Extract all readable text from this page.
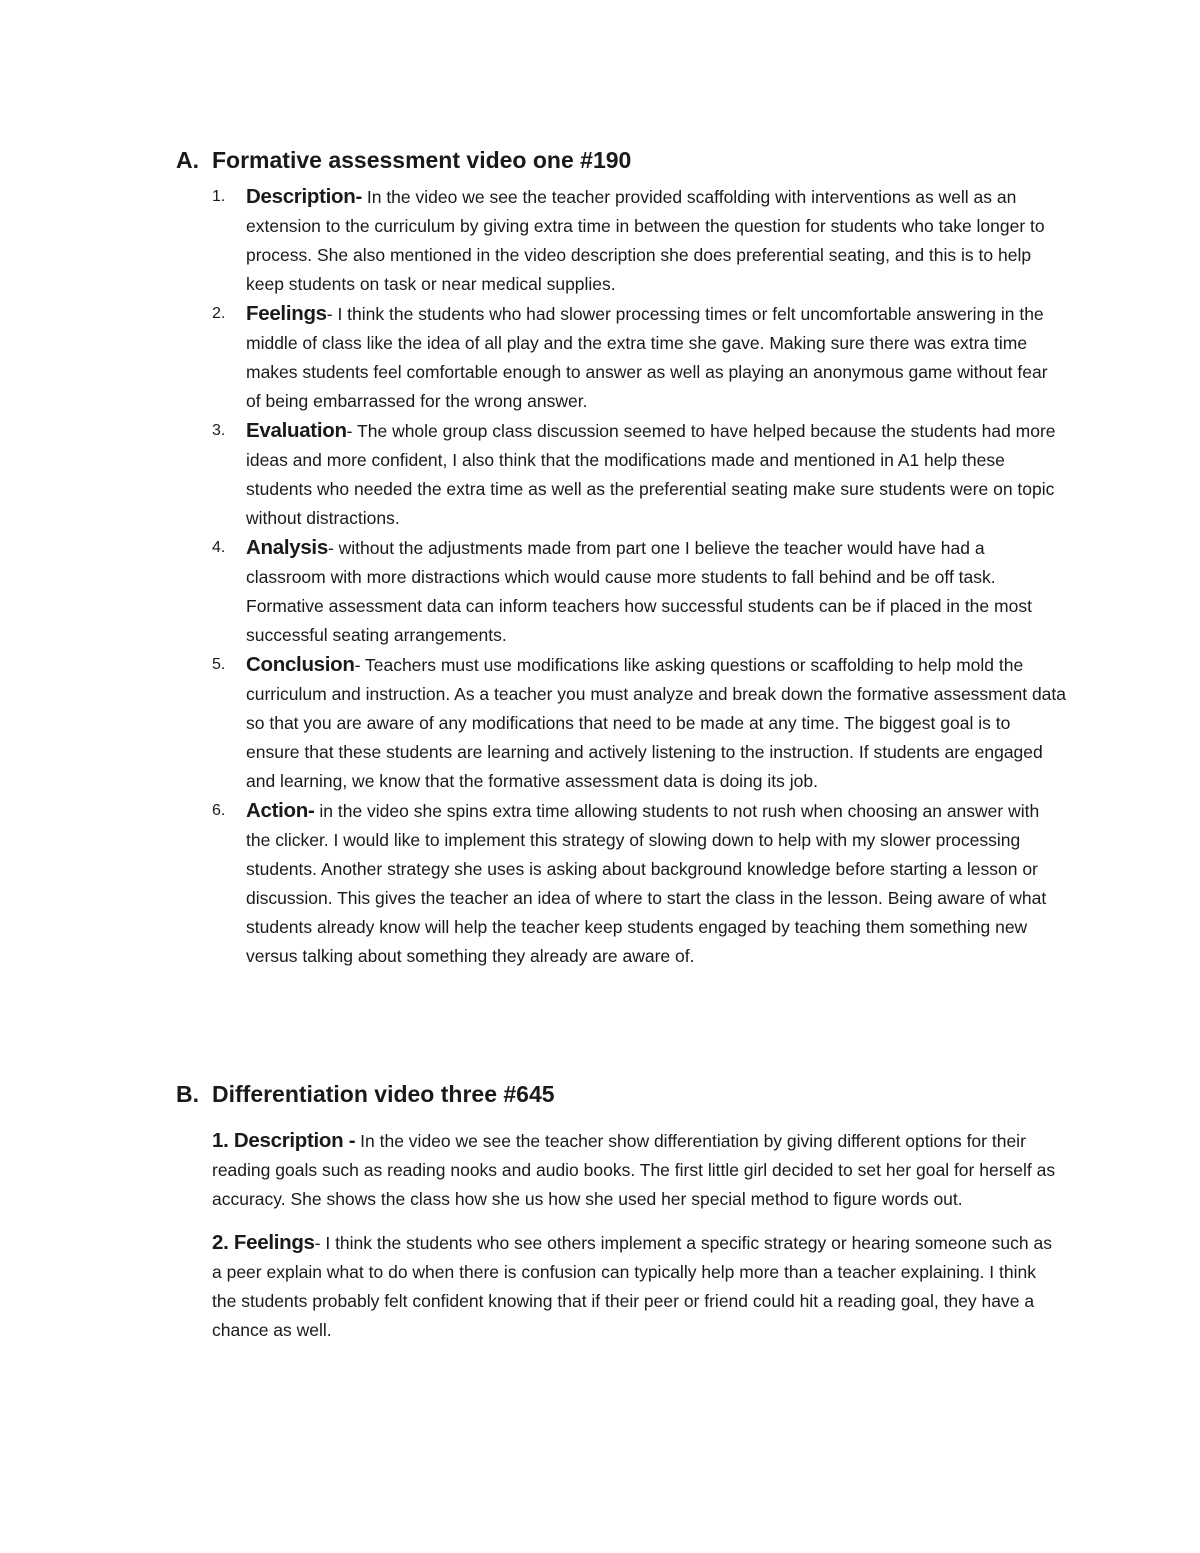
A. Formative assessment video one #190
1. Description- In the video we see the teacher provided scaffolding with interventions as well as an extension to the curriculum by giving extra time in between the question for students who take longer to process. She also mentioned in the video description she does preferential seating, and this is to help keep students on task or near medical supplies.
2. Feelings- I think the students who had slower processing times or felt uncomfortable answering in the middle of class like the idea of all play and the extra time she gave. Making sure there was extra time makes students feel comfortable enough to answer as well as playing an anonymous game without fear of being embarrassed for the wrong answer.
3. Evaluation- The whole group class discussion seemed to have helped because the students had more ideas and more confident, I also think that the modifications made and mentioned in A1 help these students who needed the extra time as well as the preferential seating make sure students were on topic without distractions.
4. Analysis- without the adjustments made from part one I believe the teacher would have had a classroom with more distractions which would cause more students to fall behind and be off task. Formative assessment data can inform teachers how successful students can be if placed in the most successful seating arrangements.
5. Conclusion- Teachers must use modifications like asking questions or scaffolding to help mold the curriculum and instruction. As a teacher you must analyze and break down the formative assessment data so that you are aware of any modifications that need to be made at any time. The biggest goal is to ensure that these students are learning and actively listening to the instruction. If students are engaged and learning, we know that the formative assessment data is doing its job.
6. Action- in the video she spins extra time allowing students to not rush when choosing an answer with the clicker. I would like to implement this strategy of slowing down to help with my slower processing students. Another strategy she uses is asking about background knowledge before starting a lesson or discussion. This gives the teacher an idea of where to start the class in the lesson. Being aware of what students already know will help the teacher keep students engaged by teaching them something new versus talking about something they already are aware of.
B. Differentiation video three #645

1. Description - In the video we see the teacher show differentiation by giving different options for their reading goals such as reading nooks and audio books. The first little girl decided to set her goal for herself as accuracy. She shows the class how she us how she used her special method to figure words out.

2. Feelings- I think the students who see others implement a specific strategy or hearing someone such as a peer explain what to do when there is confusion can typically help more than a teacher explaining. I think the students probably felt confident knowing that if their peer or friend could hit a reading goal, they have a chance as well.
